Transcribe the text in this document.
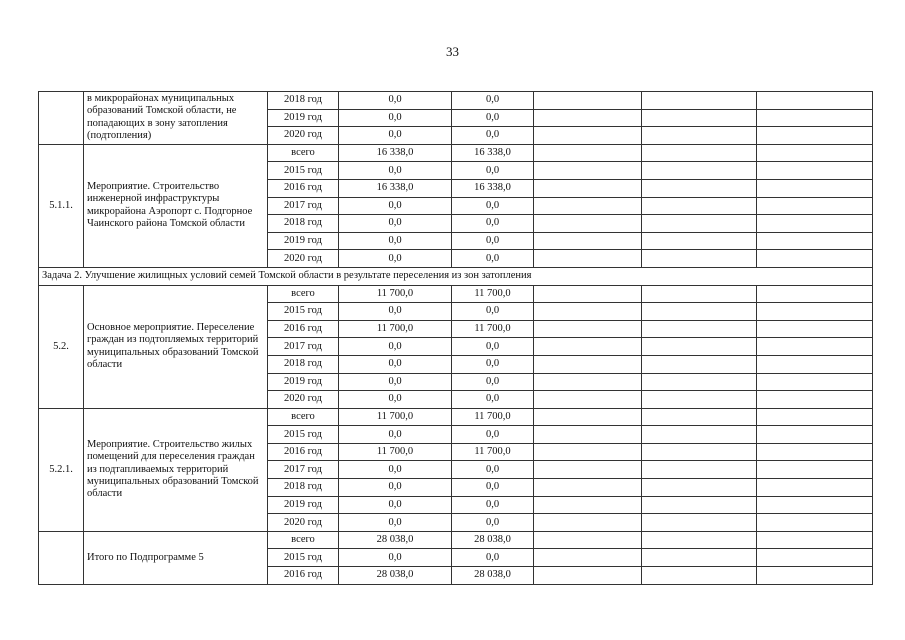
33
	в микрорайонах муниципальных образований Томской области, не попадающих в зону затопления (подтопления)	2018 год	0,0	0,0			
		2019 год	0,0	0,0			
		2020 год	0,0	0,0			
5.1.1.	Мероприятие. Строительство инженерной инфраструктуры микрорайона Аэропорт с. Подгорное Чаинского района Томской области	всего	16 338,0	16 338,0			
		2015 год	0,0	0,0			
		2016 год	16 338,0	16 338,0			
		2017 год	0,0	0,0			
		2018 год	0,0	0,0			
		2019 год	0,0	0,0			
		2020 год	0,0	0,0			
Задача 2. Улучшение жилищных условий семей Томской области в результате переселения из зон затопления							
5.2.	Основное мероприятие. Переселение граждан из подтопляемых территорий муниципальных образований Томской области	всего	11 700,0	11 700,0			
		2015 год	0,0	0,0			
		2016 год	11 700,0	11 700,0			
		2017 год	0,0	0,0			
		2018 год	0,0	0,0			
		2019 год	0,0	0,0			
		2020 год	0,0	0,0			
5.2.1.	Мероприятие. Строительство жилых помещений для переселения граждан из подтапливаемых территорий муниципальных образований Томской области	всего	11 700,0	11 700,0			
		2015 год	0,0	0,0			
		2016 год	11 700,0	11 700,0			
		2017 год	0,0	0,0			
		2018 год	0,0	0,0			
		2019 год	0,0	0,0			
		2020 год	0,0	0,0			
	Итого по Подпрограмме 5	всего	28 038,0	28 038,0			
		2015 год	0,0	0,0			
		2016 год	28 038,0	28 038,0			
